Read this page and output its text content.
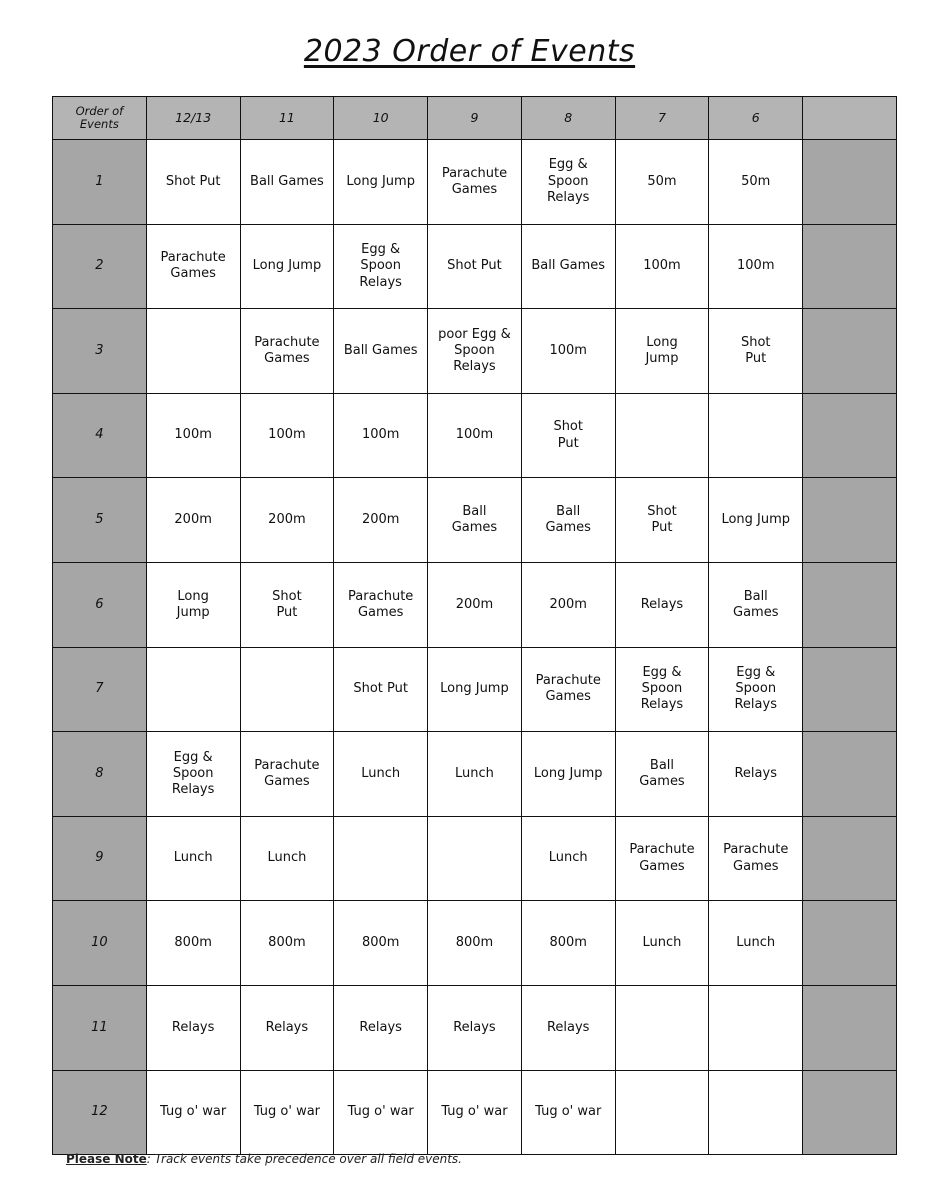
2023 Order of Events
Order of
Events	12/13	11	10	9	8	7	6	
1	Shot Put	Ball Games	Long Jump	Parachute
Games	Egg &
Spoon
Relays	50m	50m	
2	Parachute
Games	Long Jump	Egg &
Spoon
Relays	Shot Put	Ball Games	100m	100m	
3		Parachute
Games	Ball Games	poor Egg &
Spoon
Relays	100m	Long
Jump	Shot
Put	
4	100m	100m	100m	100m	Shot
Put			
5	200m	200m	200m	Ball
Games	Ball
Games	Shot
Put	Long Jump	
6	Long
Jump	Shot
Put	Parachute
Games	200m	200m	Relays	Ball
Games	
7			Shot Put	Long Jump	Parachute
Games	Egg &
Spoon
Relays	Egg &
Spoon
Relays	
8	Egg &
Spoon
Relays	Parachute
Games	Lunch	Lunch	Long Jump	Ball
Games	Relays	
9	Lunch	Lunch			Lunch	Parachute
Games	Parachute
Games	
10	800m	800m	800m	800m	800m	Lunch	Lunch	
11	Relays	Relays	Relays	Relays	Relays			
12	Tug o' war	Tug o' war	Tug o' war	Tug o' war	Tug o' war			
Please Note: Track events take precedence over all field events.
